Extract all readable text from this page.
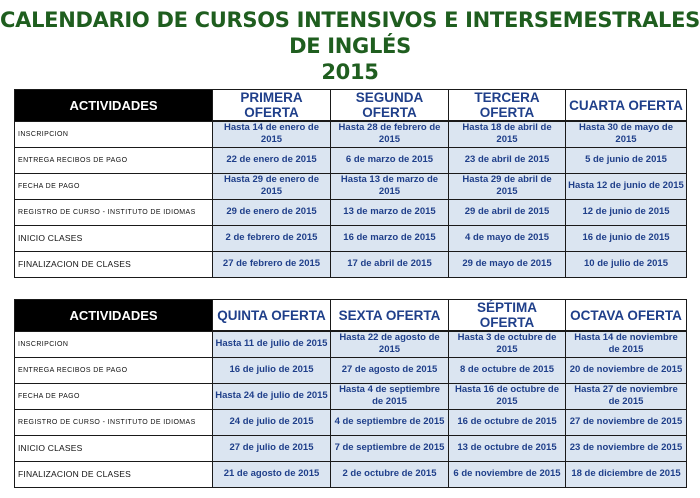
CALENDARIO DE CURSOS INTENSIVOS E INTERSEMESTRALES DE INGLÉS
2015
ACTIVIDADES	PRIMERA OFERTA	SEGUNDA OFERTA	TERCERA OFERTA	CUARTA OFERTA
INSCRIPCION	Hasta 14 de enero de 2015	Hasta 28 de febrero de 2015	Hasta 18 de abril de 2015	Hasta 30 de mayo de 2015
ENTREGA RECIBOS DE PAGO	22 de enero de 2015	6 de marzo de 2015	23 de abril de 2015	5 de junio de 2015
FECHA DE PAGO	Hasta 29 de enero de 2015	Hasta 13 de marzo de 2015	Hasta 29 de abril de 2015	Hasta 12 de junio de 2015
REGISTRO DE CURSO - INSTITUTO DE IDIOMAS	29 de enero de 2015	13 de marzo de 2015	29 de abril de 2015	12 de junio de 2015
INICIO CLASES	2 de febrero de 2015	16 de marzo de 2015	4 de mayo de 2015	16 de junio de 2015
FINALIZACION DE CLASES	27 de febrero de 2015	17 de abril de 2015	29 de mayo de 2015	10 de julio de 2015
ACTIVIDADES	QUINTA OFERTA	SEXTA OFERTA	SÉPTIMA OFERTA	OCTAVA OFERTA
INSCRIPCION	Hasta 11 de julio de 2015	Hasta 22 de agosto de 2015	Hasta 3 de octubre de 2015	Hasta 14 de noviembre de 2015
ENTREGA RECIBOS DE PAGO	16 de julio de 2015	27 de agosto de 2015	8 de octubre de 2015	20 de noviembre de 2015
FECHA DE PAGO	Hasta 24 de julio de 2015	Hasta 4 de septiembre de 2015	Hasta 16 de octubre de 2015	Hasta 27 de noviembre de 2015
REGISTRO DE CURSO - INSTITUTO DE IDIOMAS	24 de julio de 2015	4 de septiembre de 2015	16 de octubre de 2015	27 de noviembre de 2015
INICIO CLASES	27 de julio de 2015	7 de septiembre de 2015	13 de octubre de 2015	23 de noviembre de 2015
FINALIZACION DE CLASES	21 de agosto de 2015	2 de octubre de 2015	6 de noviembre de 2015	18 de diciembre de 2015
